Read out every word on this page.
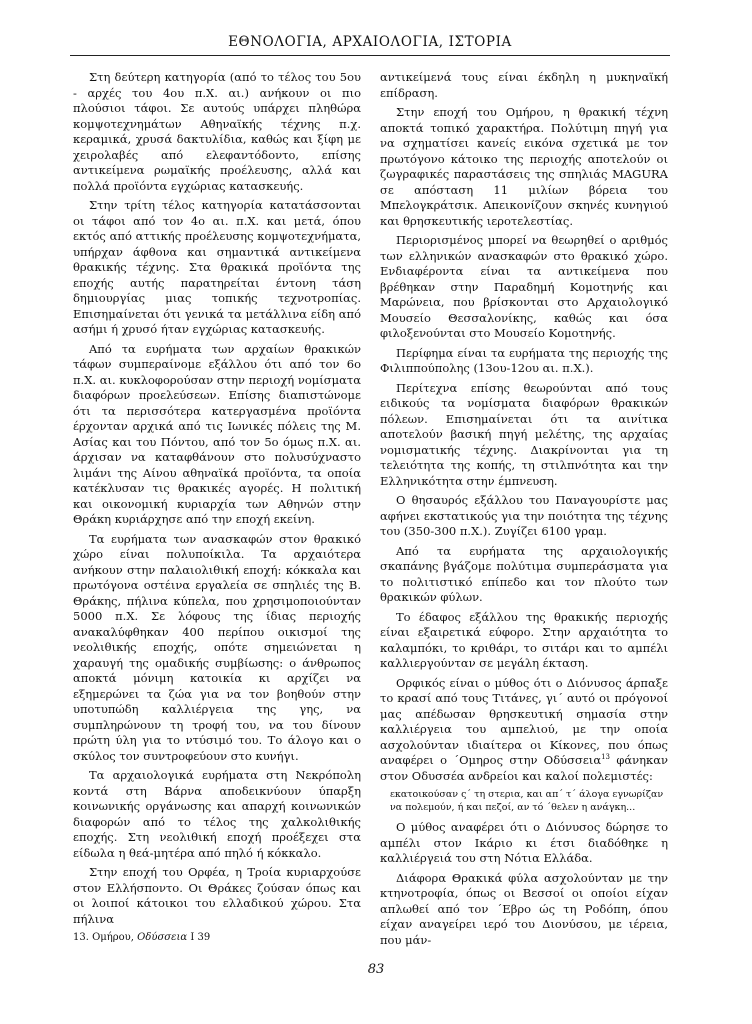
ΕΘΝΟΛΟΓΙΑ, ΑΡΧΑΙΟΛΟΓΙΑ, ΙΣΤΟΡΙΑ

Στη δεύτερη κατηγορία (από το τέλος του 5ου - αρχές του 4ου π.Χ. αι.) ανήκουν οι πιο πλούσιοι τάφοι. Σε αυτούς υπάρχει πληθώρα κομψοτεχνημάτων Αθηναϊκής τέχνης π.χ. κεραμικά, χρυσά δακτυλίδια, καθώς και ξίφη με χειρολαβές από ελεφαντόδοντο, επίσης αντικείμενα ρωμαϊκής προέλευσης, αλλά και πολλά προϊόντα εγχώριας κατασκευής.

Στην τρίτη τέλος κατηγορία κατατάσσονται οι τάφοι από τον 4ο αι. π.Χ. και μετά, όπου εκτός από αττικής προέλευσης κομψοτεχνήματα, υπήρχαν άφθονα και σημαντικά αντικείμενα θρακικής τέχνης. Στα θρακικά προϊόντα της εποχής αυτής παρατηρείται έντονη τάση δημιουργίας μιας τοπικής τεχνοτροπίας. Επισημαίνεται ότι γενικά τα μετάλλινα είδη από ασήμι ή χρυσό ήταν εγχώριας κατασκευής.

Από τα ευρήματα των αρχαίων θρακικών τάφων συμπεραίνομε εξάλλου ότι από τον 6ο π.Χ. αι. κυκλοφορούσαν στην περιοχή νομίσματα διαφόρων προελεύσεων. Επίσης διαπιστώνομε ότι τα περισσότερα κατεργασμένα προϊόντα έρχονταν αρχικά από τις Ιωνικές πόλεις της Μ. Ασίας και του Πόντου, από τον 5ο όμως π.Χ. αι. άρχισαν να καταφθάνουν στο πολυσύχναστο λιμάνι της Αίνου αθηναϊκά προϊόντα, τα οποία κατέκλυσαν τις θρακικές αγορές. Η πολιτική και οικονομική κυριαρχία των Αθηνών στην Θράκη κυριάρχησε από την εποχή εκείνη.

Τα ευρήματα των ανασκαφών στον θρακικό χώρο είναι πολυποίκιλα. Τα αρχαιότερα ανήκουν στην παλαιολιθική εποχή: κόκκαλα και πρωτόγονα οστέινα εργαλεία σε σπηλιές της Β. Θράκης, πήλινα κύπελα, που χρησιμοποιούνταν 5000 π.Χ. Σε λόφους της ίδιας περιοχής ανακαλύφθηκαν 400 περίπου οικισμοί της νεολιθικής εποχής, οπότε σημειώνεται η χαραυγή της ομαδικής συμβίωσης: ο άνθρωπος αποκτά μόνιμη κατοικία κι αρχίζει να εξημερώνει τα ζώα για να τον βοηθούν στην υποτυπώδη καλλιέργεια της γης, να συμπληρώνουν τη τροφή του, να του δίνουν πρώτη ύλη για το ντύσιμό του. Το άλογο και ο σκύλος τον συντροφεύουν στο κυνήγι.

Τα αρχαιολογικά ευρήματα στη Νεκρόπολη κοντά στη Βάρνα αποδεικνύουν ύπαρξη κοινωνικής οργάνωσης και απαρχή κοινωνικών διαφορών από το τέλος της χαλκολιθικής εποχής. Στη νεολιθική εποχή προέξεχει στα είδωλα η θεά-μητέρα από πηλό ή κόκκαλο.

Στην εποχή του Ορφέα, η Τροία κυριαρχούσε στον Ελλήσποντο. Οι Θράκες ζούσαν όπως και οι λοιποί κάτοικοι του ελλαδικού χώρου. Στα πήλινα

αντικείμενά τους είναι έκδηλη η μυκηναϊκή επίδραση.

Στην εποχή του Ομήρου, η θρακική τέχνη αποκτά τοπικό χαρακτήρα. Πολύτιμη πηγή για να σχηματίσει κανείς εικόνα σχετικά με τον πρωτόγονο κάτοικο της περιοχής αποτελούν οι ζωγραφικές παραστάσεις της σπηλιάς MAGURA σε απόσταση 11 μιλίων βόρεια του Μπελογκράτσικ. Απεικονίζουν σκηνές κυνηγιού και θρησκευτικής ιεροτελεστίας.

Περιορισμένος μπορεί να θεωρηθεί ο αριθμός των ελληνικών ανασκαφών στο θρακικό χώρο. Ενδιαφέροντα είναι τα αντικείμενα που βρέθηκαν στην Παραδημή Κομοτηνής και Μαρώνεια, που βρίσκονται στο Αρχαιολογικό Μουσείο Θεσσαλονίκης, καθώς και όσα φιλοξενούνται στο Μουσείο Κομοτηνής.

Περίφημα είναι τα ευρήματα της περιοχής της Φιλιππούπολης (13ου-12ου αι. π.Χ.).

Περίτεχνα επίσης θεωρούνται από τους ειδικούς τα νομίσματα διαφόρων θρακικών πόλεων. Επισημαίνεται ότι τα αινίτικα αποτελούν βασική πηγή μελέτης, της αρχαίας νομισματικής τέχνης. Διακρίνονται για τη τελειότητα της κοπής, τη στιλπνότητα και την Ελληνικότητα στην έμπνευση.

Ο θησαυρός εξάλλου του Παναγουρίστε μας αφήνει εκστατικούς για την ποιότητα της τέχνης του (350-300 π.Χ.). Ζυγίζει 6100 γραμ.

Από τα ευρήματα της αρχαιολογικής σκαπάνης βγάζομε πολύτιμα συμπεράσματα για το πολιτιστικό επίπεδο και τον πλούτο των θρακικών φύλων.

Το έδαφος εξάλλου της θρακικής περιοχής είναι εξαιρετικά εύφορο. Στην αρχαιότητα το καλαμπόκι, το κριθάρι, το σιτάρι και το αμπέλι καλλιεργούνταν σε μεγάλη έκταση.

Ορφικός είναι ο μύθος ότι ο Διόνυσος άρπαξε το κρασί από τους Τιτάνες, γι΄ αυτό οι πρόγονοί μας απέδωσαν θρησκευτική σημασία στην καλλιέργεια του αμπελιού, με την οποία ασχολούνταν ιδιαίτερα οι Κίκονες, που όπως αναφέρει ο ΄Ομηρος στην Οδύσσεια$^{13}$ φάνηκαν στον Οδυσσέα ανδρείοι και καλοί πολεμιστές:

εκατοικούσαν ς΄ τη στερια, και απ΄ τ΄ άλογα εγνωρίζαν
να πολεμούν, ή και πεζοί, αν τό ΄θελεν η ανάγκη...

Ο μύθος αναφέρει ότι ο Διόνυσος δώρησε το αμπέλι στον Ικάριο κι έτσι διαδόθηκε η καλλιέργειά του στη Νότια Ελλάδα.

Διάφορα Θρακικά φύλα ασχολούνταν με την κτηνοτροφία, όπως οι Βεσσοί οι οποίοι είχαν απλωθεί από τον ΄Εβρο ώς τη Ροδόπη, όπου είχαν αναγείρει ιερό του Διονύσου, με ιέρεια, που μάν-

13. Ομήρου, Οδύσσεια Ι 39
83
